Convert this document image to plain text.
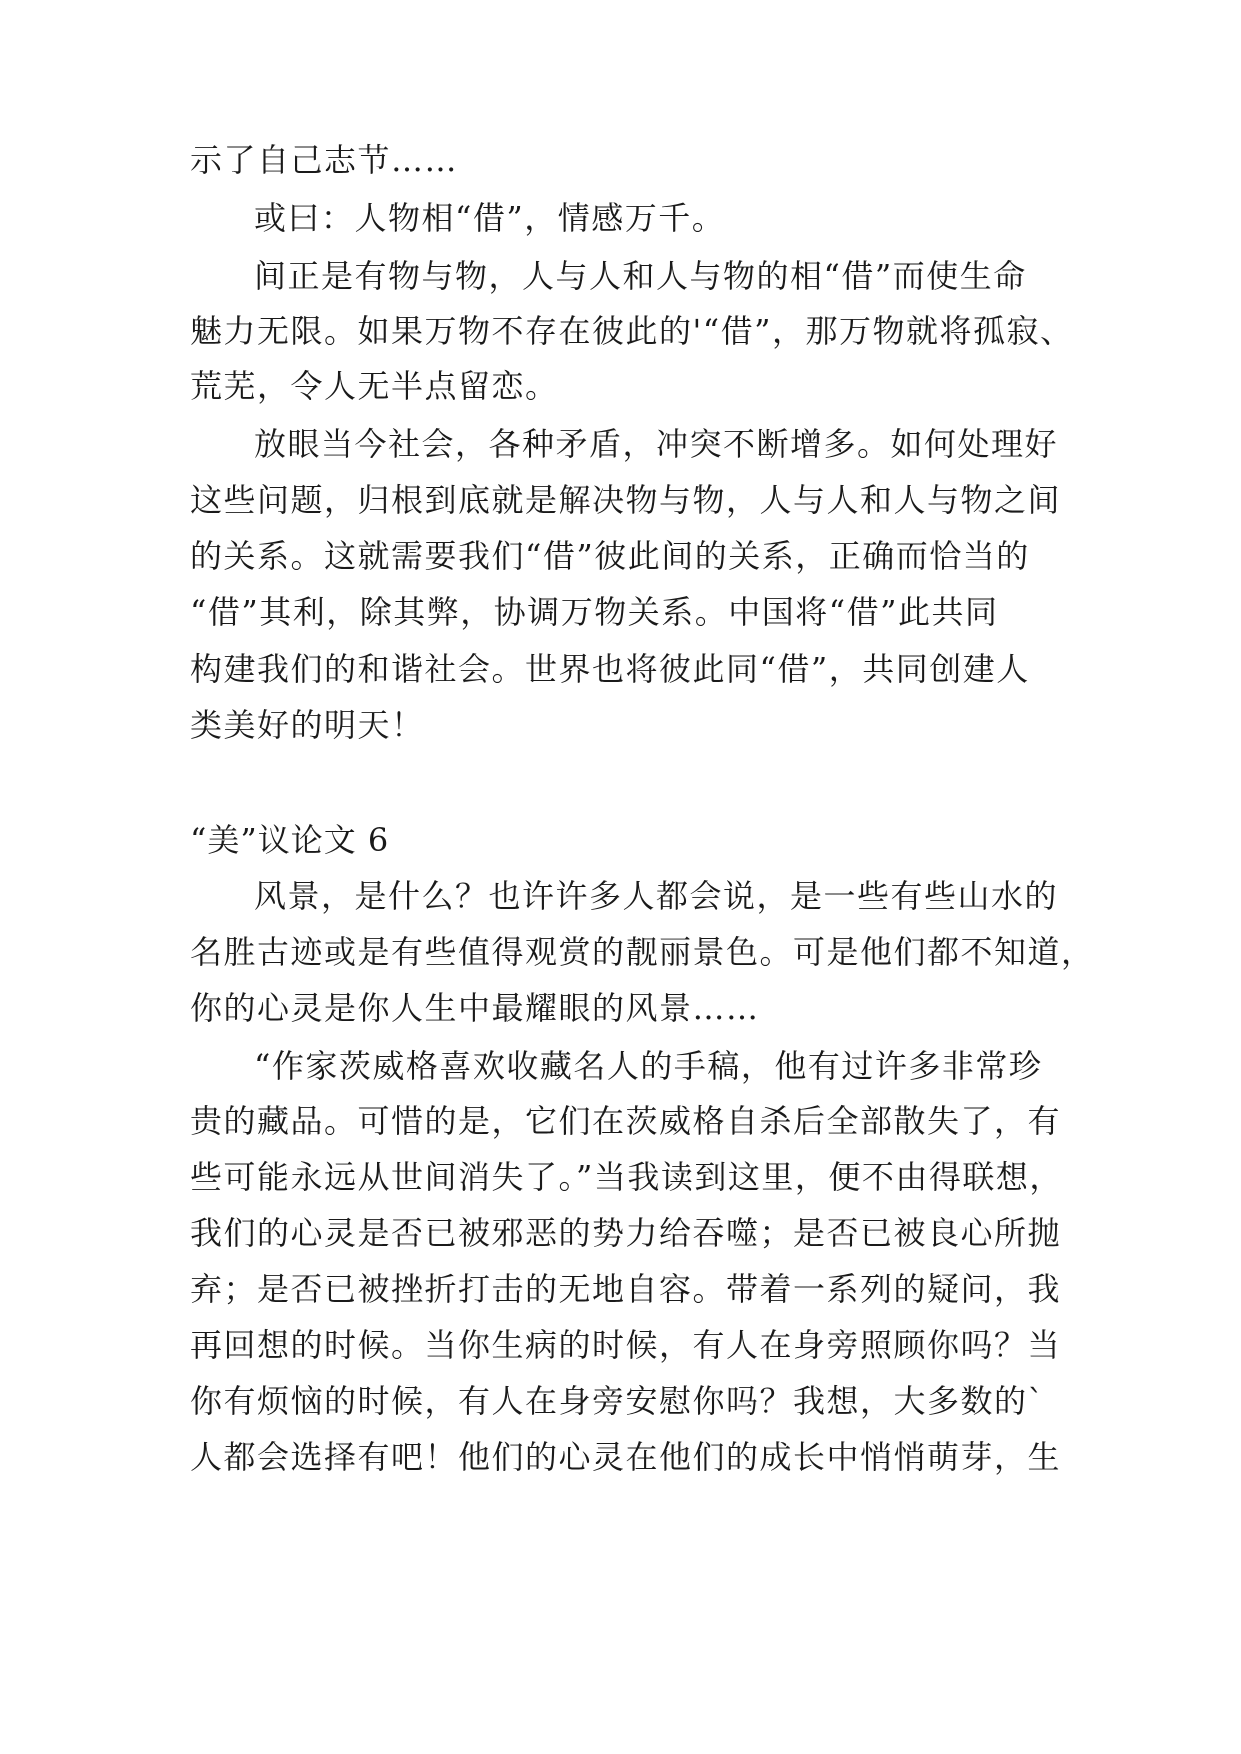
示了自己志节……
或曰：人物相“借”，情感万千。
间正是有物与物，人与人和人与物的相“借”而使生命
魅力无限。如果万物不存在彼此的'“借”，那万物就将孤寂、
荒芜，令人无半点留恋。
放眼当今社会，各种矛盾，冲突不断增多。如何处理好
这些问题，归根到底就是解决物与物，人与人和人与物之间
的关系。这就需要我们“借”彼此间的关系，正确而恰当的
“借”其利，除其弊，协调万物关系。中国将“借”此共同
构建我们的和谐社会。世界也将彼此同“借”，共同创建人
类美好的明天！
“美”议论文 6
风景，是什么？也许许多人都会说，是一些有些山水的
名胜古迹或是有些值得观赏的靓丽景色。可是他们都不知道，
你的心灵是你人生中最耀眼的风景……
“作家茨威格喜欢收藏名人的手稿，他有过许多非常珍
贵的藏品。可惜的是，它们在茨威格自杀后全部散失了，有
些可能永远从世间消失了。”当我读到这里，便不由得联想，
我们的心灵是否已被邪恶的势力给吞噬；是否已被良心所抛
弃；是否已被挫折打击的无地自容。带着一系列的疑问，我
再回想的时候。当你生病的时候，有人在身旁照顾你吗？当
你有烦恼的时候，有人在身旁安慰你吗？我想，大多数的`
人都会选择有吧！他们的心灵在他们的成长中悄悄萌芽，生
